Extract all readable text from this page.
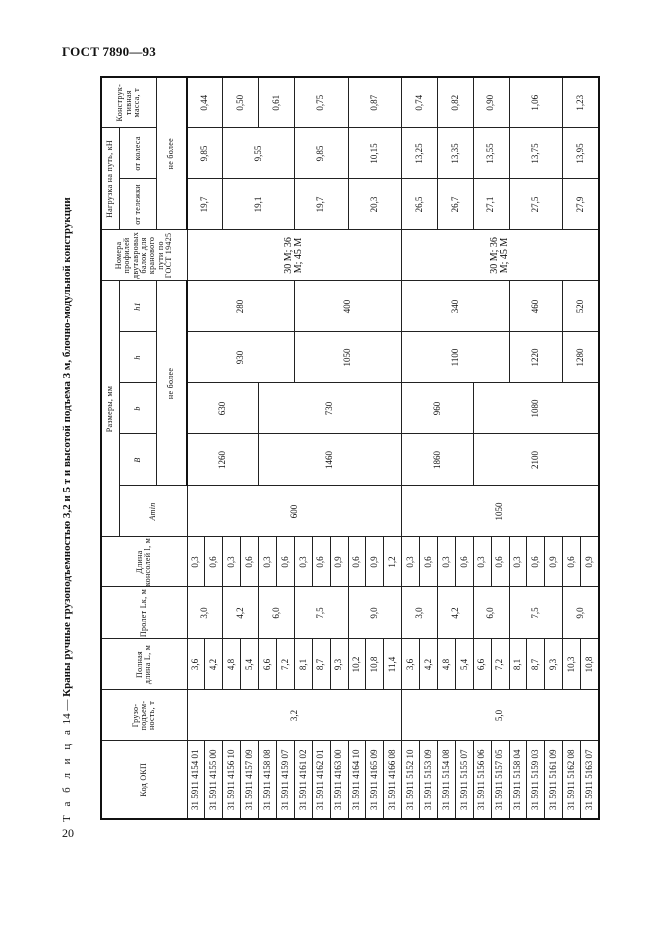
ГОСТ 7890—93
Т а б л и ц а 14 — Краны ручные грузоподъемностью 3,2 и 5 т и высотой подъема 3 м, блочно-модульной конструкции
Код ОКП	Грузо-подъем-ность, т	Полная длина L, м	Пролет Lк, м	Длина консолей l, м	Размеры, мм					Номера профилей двутавровых балок для кранового пути по ГОСТ 19425	Нагрузка на путь, кН		Конструк-тивная масса, т
					Amin	B	b	h	h1		от тележки	от колеса	
						не более					не более		
31 5911 4154 01	3,2	3,6	3,0	0,3	600	1260	630	930	280	30 М; 36 М; 45 М	19,7	9,85	0,44
31 5911 4155 00		4,2		0,6									
31 5911 4156 10		4,8	4,2	0,3							19,1	9,55	0,50
31 5911 4157 09		5,4		0,6									
31 5911 4158 08		6,6	6,0	0,3		1460	730						0,61
31 5911 4159 07		7,2		0,6									
31 5911 4161 02		8,1	7,5	0,3				1050	400		19,7	9,85	0,75
31 5911 4162 01		8,7		0,6									
31 5911 4163 00		9,3		0,9									
31 5911 4164 10		10,2	9,0	0,6							20,3	10,15	0,87
31 5911 4165 09		10,8		0,9									
31 5911 4166 08		11,4		1,2									
31 5911 5152 10	5,0	3,6	3,0	0,3	1050	1860	960	1100	340	30 М; 36 М; 45 М	26,5	13,25	0,74
31 5911 5153 09		4,2		0,6									
31 5911 5154 08		4,8	4,2	0,3							26,7	13,35	0,82
31 5911 5155 07		5,4		0,6									
31 5911 5156 06		6,6	6,0	0,3		2100	1080				27,1	13,55	0,90
31 5911 5157 05		7,2		0,6									
31 5911 5158 04		8,1	7,5	0,3				1220	460		27,5	13,75	1,06
31 5911 5159 03		8,7		0,6									
31 5911 5161 09		9,3		0,9									
31 5911 5162 08		10,3	9,0	0,6				1280	520		27,9	13,95	1,23
31 5911 5163 07		10,8		0,9									
20
